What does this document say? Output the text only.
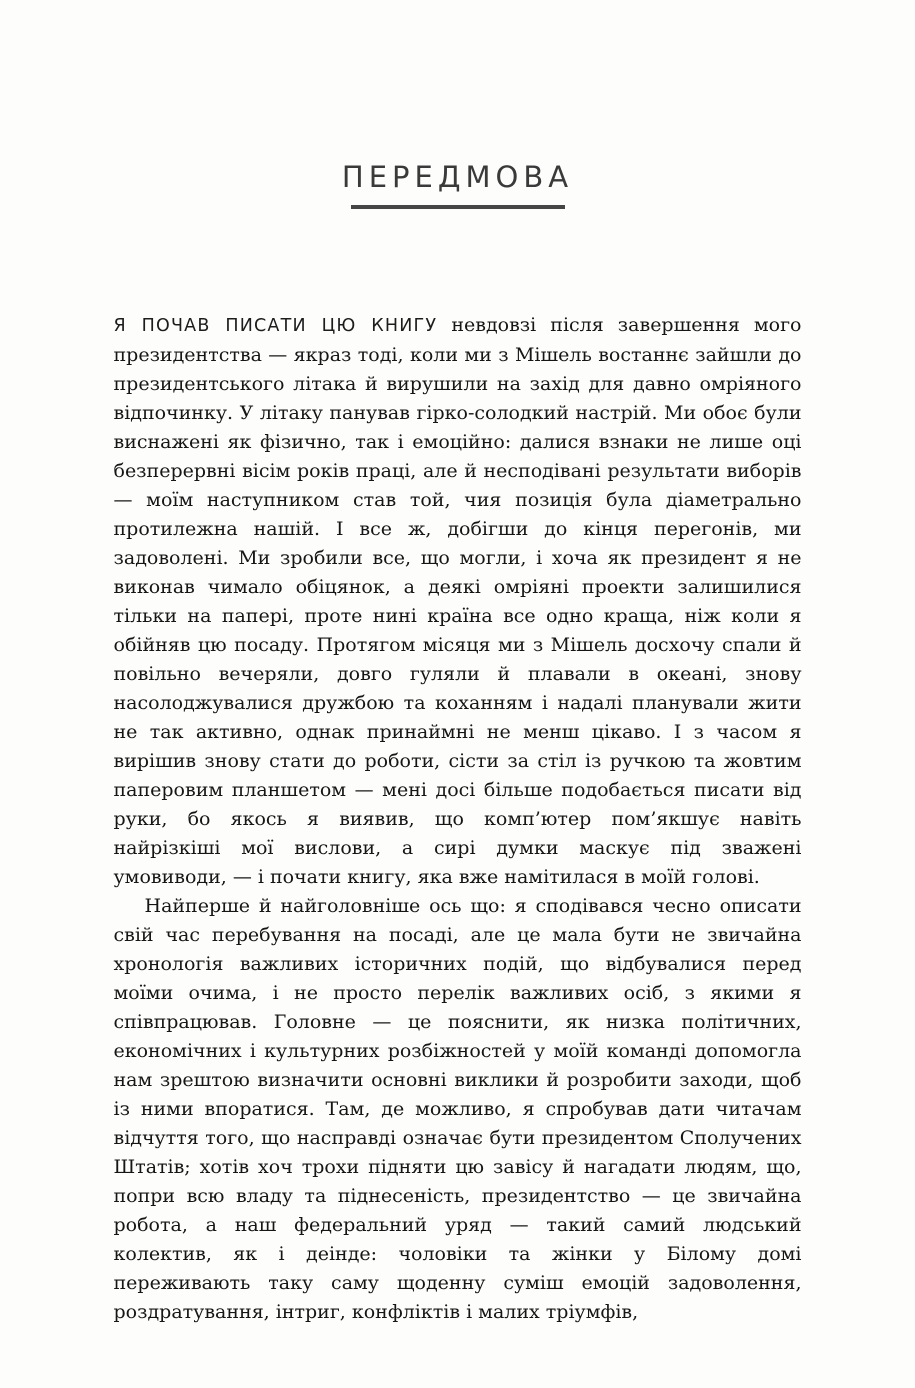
ПЕРЕДМОВА

Я ПОЧАВ ПИСАТИ ЦЮ КНИГУ невдовзі після завершення мого президентства — якраз тоді, коли ми з Мішель востаннє зайшли до президентського літака й вирушили на захід для давно омріяного відпочинку. У літаку панував гірко-солодкий настрій. Ми обоє були виснажені як фізично, так і емоційно: далися взнаки не лише оці безперервні вісім років праці, але й несподівані результати виборів — моїм наступником став той, чия позиція була діаметрально протилежна нашій. І все ж, добігши до кінця перегонів, ми задоволені. Ми зробили все, що могли, і хоча як президент я не виконав чимало обіцянок, а деякі омріяні проекти залишилися тільки на папері, проте нині країна все одно краща, ніж коли я обійняв цю посаду. Протягом місяця ми з Мішель досхочу спали й повільно вечеряли, довго гуляли й плавали в океані, знову насолоджувалися дружбою та коханням і надалі планували жити не так активно, однак принаймні не менш цікаво. І з часом я вирішив знову стати до роботи, сісти за стіл із ручкою та жовтим паперовим планшетом — мені досі більше подобається писати від руки, бо якось я виявив, що комп’ютер пом’якшує навіть найрізкіші мої вислови, а сирі думки маскує під зважені умовиводи, — і почати книгу, яка вже намітилася в моїй голові.

Найперше й найголовніше ось що: я сподівався чесно описати свій час перебування на посаді, але це мала бути не звичайна хронологія важливих історичних подій, що відбувалися перед моїми очима, і не просто перелік важливих осіб, з якими я співпрацював. Головне — це пояснити, як низка політичних, економічних і культурних розбіжностей у моїй команді допомогла нам зрештою визначити основні виклики й розробити заходи, щоб із ними впоратися. Там, де можливо, я спробував дати читачам відчуття того, що насправді означає бути президентом Сполучених Штатів; хотів хоч трохи підняти цю завісу й нагадати людям, що, попри всю владу та піднесеність, президентство — це звичайна робота, а наш федеральний уряд — такий самий людський колектив, як і деінде: чоловіки та жінки у Білому домі переживають таку саму щоденну суміш емоцій задоволення, роздратування, інтриг, конфліктів і малих тріумфів,
